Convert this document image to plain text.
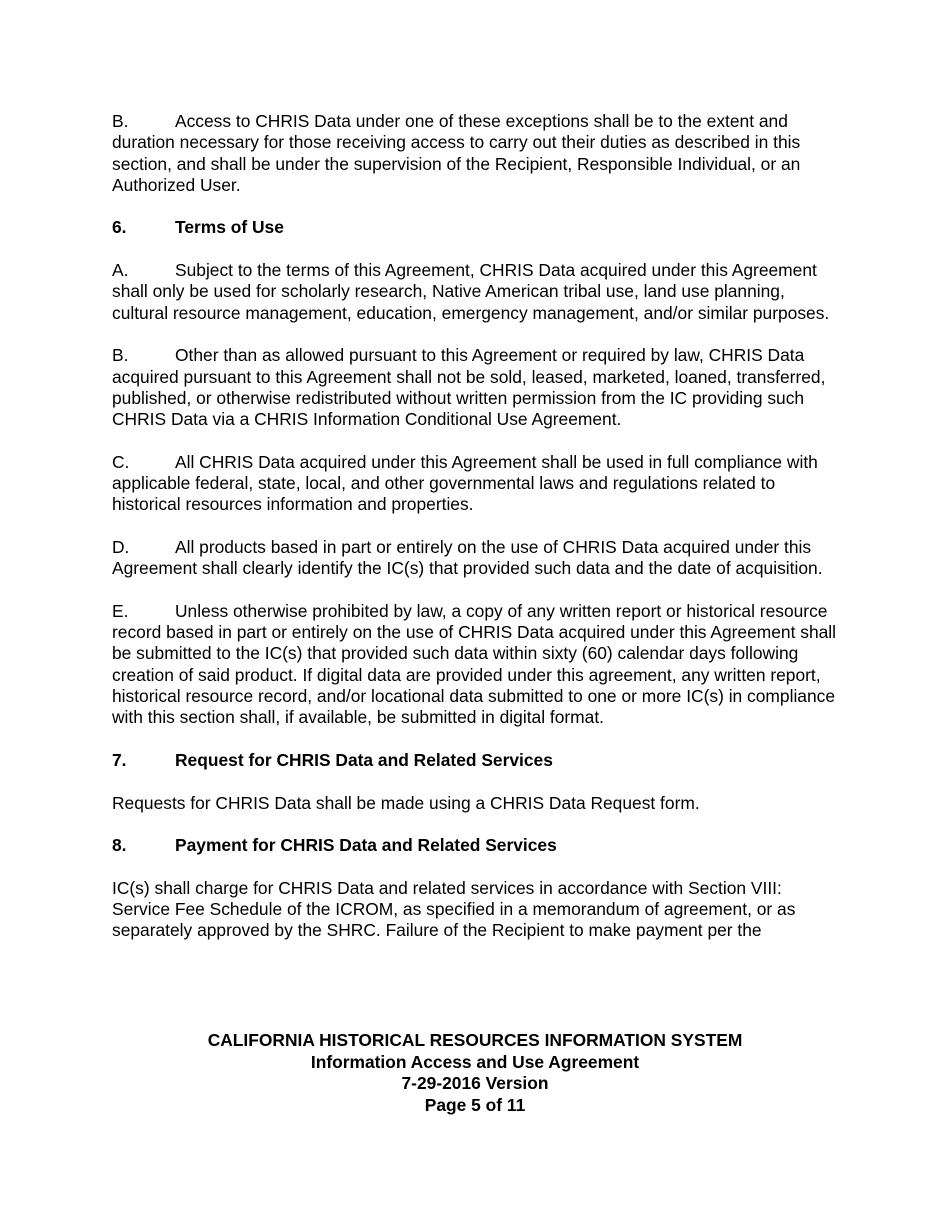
B.	Access to CHRIS Data under one of these exceptions shall be to the extent and duration necessary for those receiving access to carry out their duties as described in this section, and shall be under the supervision of the Recipient, Responsible Individual, or an Authorized User.

6.	Terms of Use

A.	Subject to the terms of this Agreement, CHRIS Data acquired under this Agreement shall only be used for scholarly research, Native American tribal use, land use planning, cultural resource management, education, emergency management, and/or similar purposes.

B.	Other than as allowed pursuant to this Agreement or required by law, CHRIS Data acquired pursuant to this Agreement shall not be sold, leased, marketed, loaned, transferred, published, or otherwise redistributed without written permission from the IC providing such CHRIS Data via a CHRIS Information Conditional Use Agreement.

C.	All CHRIS Data acquired under this Agreement shall be used in full compliance with applicable federal, state, local, and other governmental laws and regulations related to historical resources information and properties.

D.	All products based in part or entirely on the use of CHRIS Data acquired under this Agreement shall clearly identify the IC(s) that provided such data and the date of acquisition.

E.	Unless otherwise prohibited by law, a copy of any written report or historical resource record based in part or entirely on the use of CHRIS Data acquired under this Agreement shall be submitted to the IC(s) that provided such data within sixty (60) calendar days following creation of said product. If digital data are provided under this agreement, any written report, historical resource record, and/or locational data submitted to one or more IC(s) in compliance with this section shall, if available, be submitted in digital format.

7.	Request for CHRIS Data and Related Services

Requests for CHRIS Data shall be made using a CHRIS Data Request form.

8.	Payment for CHRIS Data and Related Services

IC(s) shall charge for CHRIS Data and related services in accordance with Section VIII: Service Fee Schedule of the ICROM, as specified in a memorandum of agreement, or as separately approved by the SHRC. Failure of the Recipient to make payment per the

CALIFORNIA HISTORICAL RESOURCES INFORMATION SYSTEM
Information Access and Use Agreement
7-29-2016 Version
Page 5 of 11
